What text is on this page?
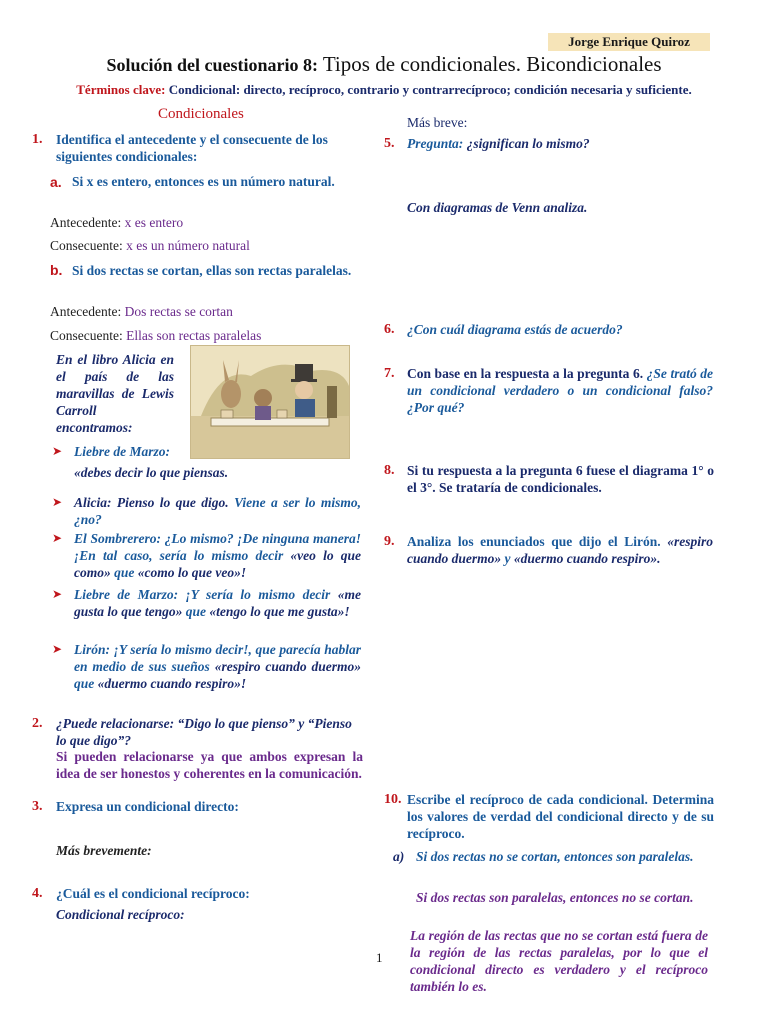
Jorge Enrique Quiroz
Solución del cuestionario 8: Tipos de condicionales. Bicondicionales
Términos clave: Condicional: directo, recíproco, contrario y contrarrecíproco; condición necesaria y suficiente.
Condicionales
1. Identifica el antecedente y el consecuente de los siguientes condicionales:
a. Si x es entero, entonces es un número natural.
Antecedente: x es entero
Consecuente: x es un número natural
b. Si dos rectas se cortan, ellas son rectas paralelas.
Antecedente: Dos rectas se cortan
Consecuente: Ellas son rectas paralelas
En el libro Alicia en el país de las maravillas de Lewis Carroll encontramos:
➤ Liebre de Marzo:
«debes decir lo que piensas.
➤ Alicia: Pienso lo que digo. Viene a ser lo mismo, ¿no?
➤ El Sombrerero: ¿Lo mismo? ¡De ninguna manera! ¡En tal caso, sería lo mismo decir «veo lo que como» que «como lo que veo»!
➤ Liebre de Marzo: ¡Y sería lo mismo decir «me gusta lo que tengo» que «tengo lo que me gusta»!
➤ Lirón: ¡Y sería lo mismo decir!, que parecía hablar en medio de sus sueños «respiro cuando duermo» que «duermo cuando respiro»!
2. ¿Puede relacionarse: “Digo lo que pienso” y “Pienso lo que digo”?
Si pueden relacionarse ya que ambos expresan la idea de ser honestos y coherentes en la comunicación.
3. Expresa un condicional directo:
Más brevemente:
4. ¿Cuál es el condicional recíproco:
Condicional recíproco:
Más breve:
5. Pregunta: ¿significan lo mismo?
Con diagramas de Venn analiza.
6. ¿Con cuál diagrama estás de acuerdo?
7. Con base en la respuesta a la pregunta 6. ¿Se trató de un condicional verdadero o un condicional falso? ¿Por qué?
8. Si tu respuesta a la pregunta 6 fuese el diagrama 1° o el 3°. Se trataría de condicionales.
9. Analiza los enunciados que dijo el Lirón. «respiro cuando duermo» y «duermo cuando respiro».
10. Escribe el recíproco de cada condicional. Determina los valores de verdad del condicional directo y de su recíproco.
a) Si dos rectas no se cortan, entonces son paralelas.
Si dos rectas son paralelas, entonces no se cortan.
La región de las rectas que no se cortan está fuera de la región de las rectas paralelas, por lo que el condicional directo es verdadero y el recíproco también lo es.
1
